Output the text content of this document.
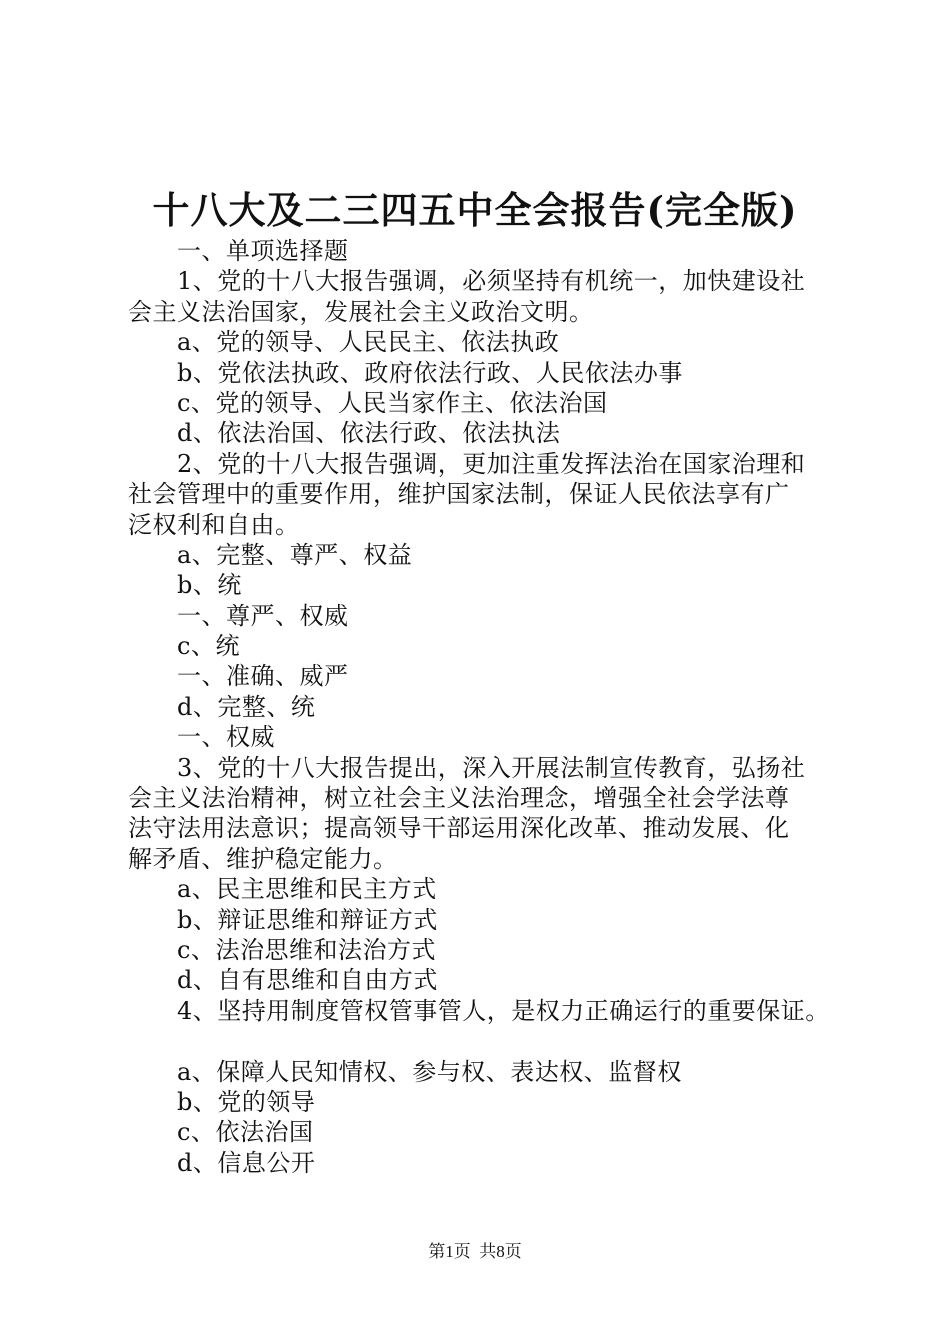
十八大及二三四五中全会报告(完全版)
一、单项选择题
1、党的十八大报告强调，必须坚持有机统一，加快建设社
会主义法治国家，发展社会主义政治文明。
a、党的领导、人民民主、依法执政
b、党依法执政、政府依法行政、人民依法办事
c、党的领导、人民当家作主、依法治国
d、依法治国、依法行政、依法执法
2、党的十八大报告强调，更加注重发挥法治在国家治理和
社会管理中的重要作用，维护国家法制，保证人民依法享有广
泛权利和自由。
a、完整、尊严、权益
b、统
一、尊严、权威
c、统
一、准确、威严
d、完整、统
一、权威
3、党的十八大报告提出，深入开展法制宣传教育，弘扬社
会主义法治精神，树立社会主义法治理念，增强全社会学法尊
法守法用法意识；提高领导干部运用深化改革、推动发展、化
解矛盾、维护稳定能力。
a、民主思维和民主方式
b、辩证思维和辩证方式
c、法治思维和法治方式
d、自有思维和自由方式
4、坚持用制度管权管事管人，是权力正确运行的重要保证。
a、保障人民知情权、参与权、表达权、监督权
b、党的领导
c、依法治国
d、信息公开
第1页 共8页
